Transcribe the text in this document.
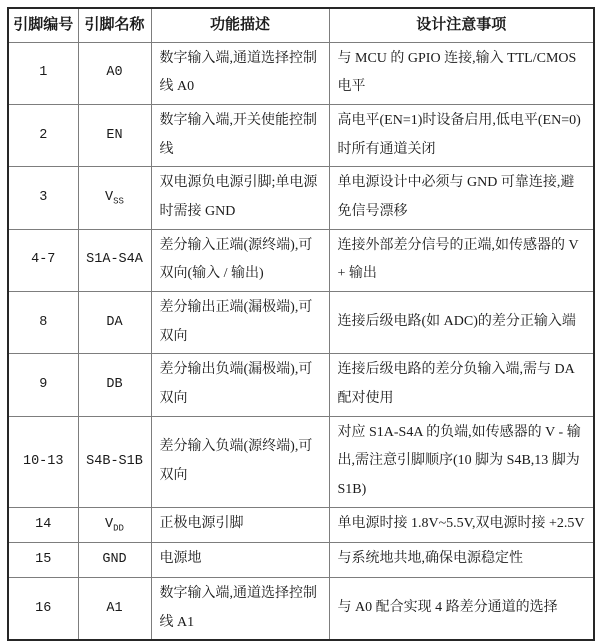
引脚编号	引脚名称	功能描述	设计注意事项
1	A0	数字输入端,通道选择控制线 A0	与 MCU 的 GPIO 连接,输入 TTL/CMOS 电平
2	EN	数字输入端,开关使能控制线	高电平(EN=1)时设备启用,低电平(EN=0)时所有通道关闭
3	$V_{SS}$	双电源负电源引脚;单电源时需接 GND	单电源设计中必须与 GND 可靠连接,避免信号漂移
4-7	S1A-S4A	差分输入正端(源终端),可双向(输入 / 输出)	连接外部差分信号的正端,如传感器的 V + 输出
8	DA	差分输出正端(漏极端),可双向	连接后级电路(如 ADC)的差分正输入端
9	DB	差分输出负端(漏极端),可双向	连接后级电路的差分负输入端,需与 DA 配对使用
10-13	S4B-S1B	差分输入负端(源终端),可双向	对应 S1A-S4A 的负端,如传感器的 V - 输出,需注意引脚顺序(10 脚为 S4B,13 脚为 S1B)
14	$V_{DD}$	正极电源引脚	单电源时接 1.8V~5.5V,双电源时接 +2.5V
15	GND	电源地	与系统地共地,确保电源稳定性
16	A1	数字输入端,通道选择控制线 A1	与 A0 配合实现 4 路差分通道的选择
